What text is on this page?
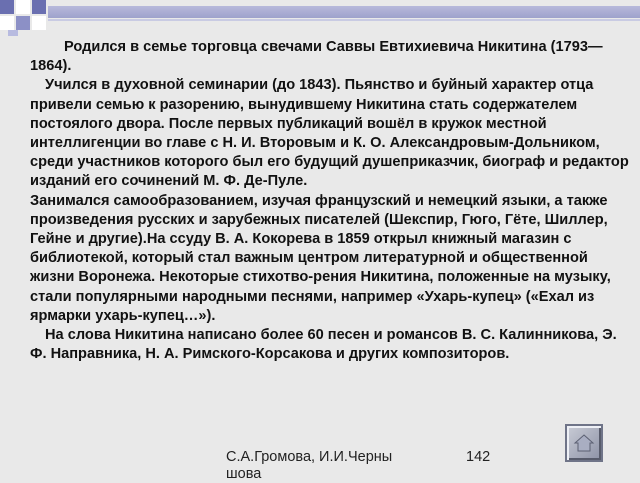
Родился в семье торговца свечами Саввы Евтихиевича Никитина (1793—1864).

Учился в духовной семинарии (до 1843). Пьянство и буйный характер отца привели семью к разорению, вынудившему Никитина стать содержателем постоялого двора. После первых публикаций вошёл в кружок местной интеллигенции во главе с Н. И. Второвым и К. О. Александровым-Дольником, среди участников которого был его будущий душеприказчик, биограф и редактор изданий его сочинений М. Ф. Де-Пуле.

Занимался самообразованием, изучая французский и немецкий языки, а также произведения русских и зарубежных писателей (Шекспир, Гюго, Гёте, Шиллер, Гейне и другие).На ссуду В. А. Кокорева в 1859 открыл книжный магазин с библиотекой, который стал важным центром литературной и общественной жизни Воронежа. Некоторые стихотво-рения Никитина, положенные на музыку, стали популярными народными песнями, например «Ухарь-купец» («Ехал из ярмарки ухарь-купец…»).

На слова Никитина написано более 60 песен и романсов В. С. Калинникова, Э. Ф. Направника, Н. А. Римского-Корсакова и других композиторов.

С.А.Громова, И.И.Черны шова
142
